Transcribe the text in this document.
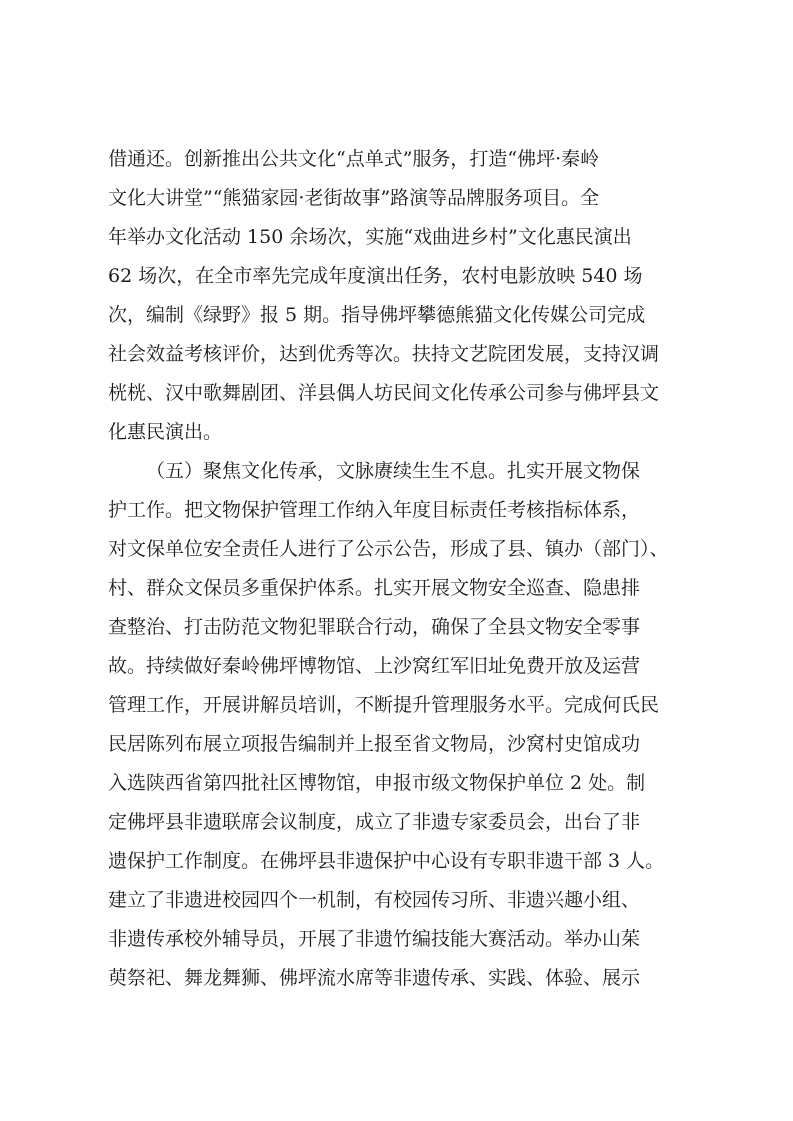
借通还。创新推出公共文化“点单式”服务，打造“佛坪·秦岭
文化大讲堂”“熊猫家园·老街故事”路演等品牌服务项目。全
年举办文化活动 150 余场次，实施“戏曲进乡村”文化惠民演出
62 场次，在全市率先完成年度演出任务，农村电影放映 540 场
次，编制《绿野》报 5 期。指导佛坪攀德熊猫文化传媒公司完成
社会效益考核评价，达到优秀等次。扶持文艺院团发展，支持汉调
桄桄、汉中歌舞剧团、洋县偶人坊民间文化传承公司参与佛坪县文
化惠民演出。
（五）聚焦文化传承，文脉赓续生生不息。扎实开展文物保
护工作。把文物保护管理工作纳入年度目标责任考核指标体系，
对文保单位安全责任人进行了公示公告，形成了县、镇办（部门）、
村、群众文保员多重保护体系。扎实开展文物安全巡查、隐患排
查整治、打击防范文物犯罪联合行动，确保了全县文物安全零事
故。持续做好秦岭佛坪博物馆、上沙窝红军旧址免费开放及运营
管理工作，开展讲解员培训，不断提升管理服务水平。完成何氏民
民居陈列布展立项报告编制并上报至省文物局，沙窝村史馆成功
入选陕西省第四批社区博物馆，申报市级文物保护单位 2 处。制
定佛坪县非遗联席会议制度，成立了非遗专家委员会，出台了非
遗保护工作制度。在佛坪县非遗保护中心设有专职非遗干部 3 人。
建立了非遗进校园四个一机制，有校园传习所、非遗兴趣小组、
非遗传承校外辅导员，开展了非遗竹编技能大赛活动。举办山茱
萸祭祀、舞龙舞狮、佛坪流水席等非遗传承、实践、体验、展示
